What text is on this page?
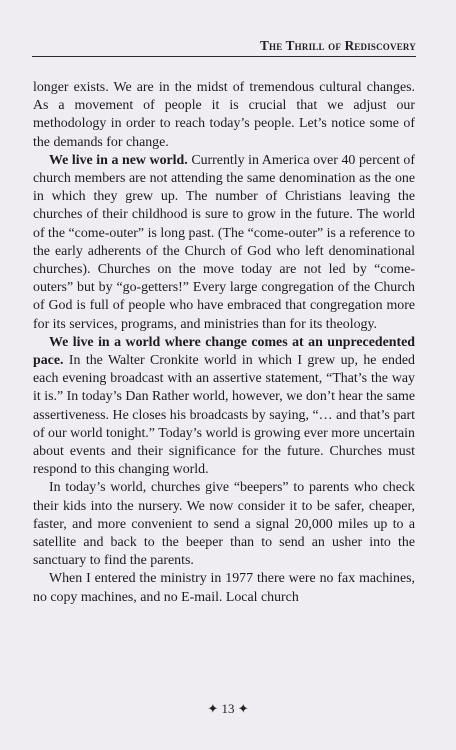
The Thrill of Rediscovery

longer exists. We are in the midst of tremendous cultural changes. As a movement of people it is crucial that we adjust our methodology in order to reach today’s people. Let’s notice some of the demands for change.

We live in a new world. Currently in America over 40 percent of church members are not attending the same denomination as the one in which they grew up. The number of Christians leaving the churches of their childhood is sure to grow in the future. The world of the “come-outer” is long past. (The “come-outer” is a reference to the early adherents of the Church of God who left denominational churches). Churches on the move today are not led by “come-outers” but by “go-getters!” Every large congregation of the Church of God is full of people who have embraced that congregation more for its services, programs, and ministries than for its theology.

We live in a world where change comes at an unprecedented pace. In the Walter Cronkite world in which I grew up, he ended each evening broadcast with an assertive statement, “That’s the way it is.” In today’s Dan Rather world, however, we don’t hear the same assertiveness. He closes his broadcasts by saying, “… and that’s part of our world tonight.” Today’s world is growing ever more uncertain about events and their significance for the future. Churches must respond to this changing world.

In today’s world, churches give “beepers” to parents who check their kids into the nursery. We now consider it to be safer, cheaper, faster, and more convenient to send a signal 20,000 miles up to a satellite and back to the beeper than to send an usher into the sanctuary to find the parents.

When I entered the ministry in 1977 there were no fax machines, no copy machines, and no E-mail. Local church

✦ 13 ✦
